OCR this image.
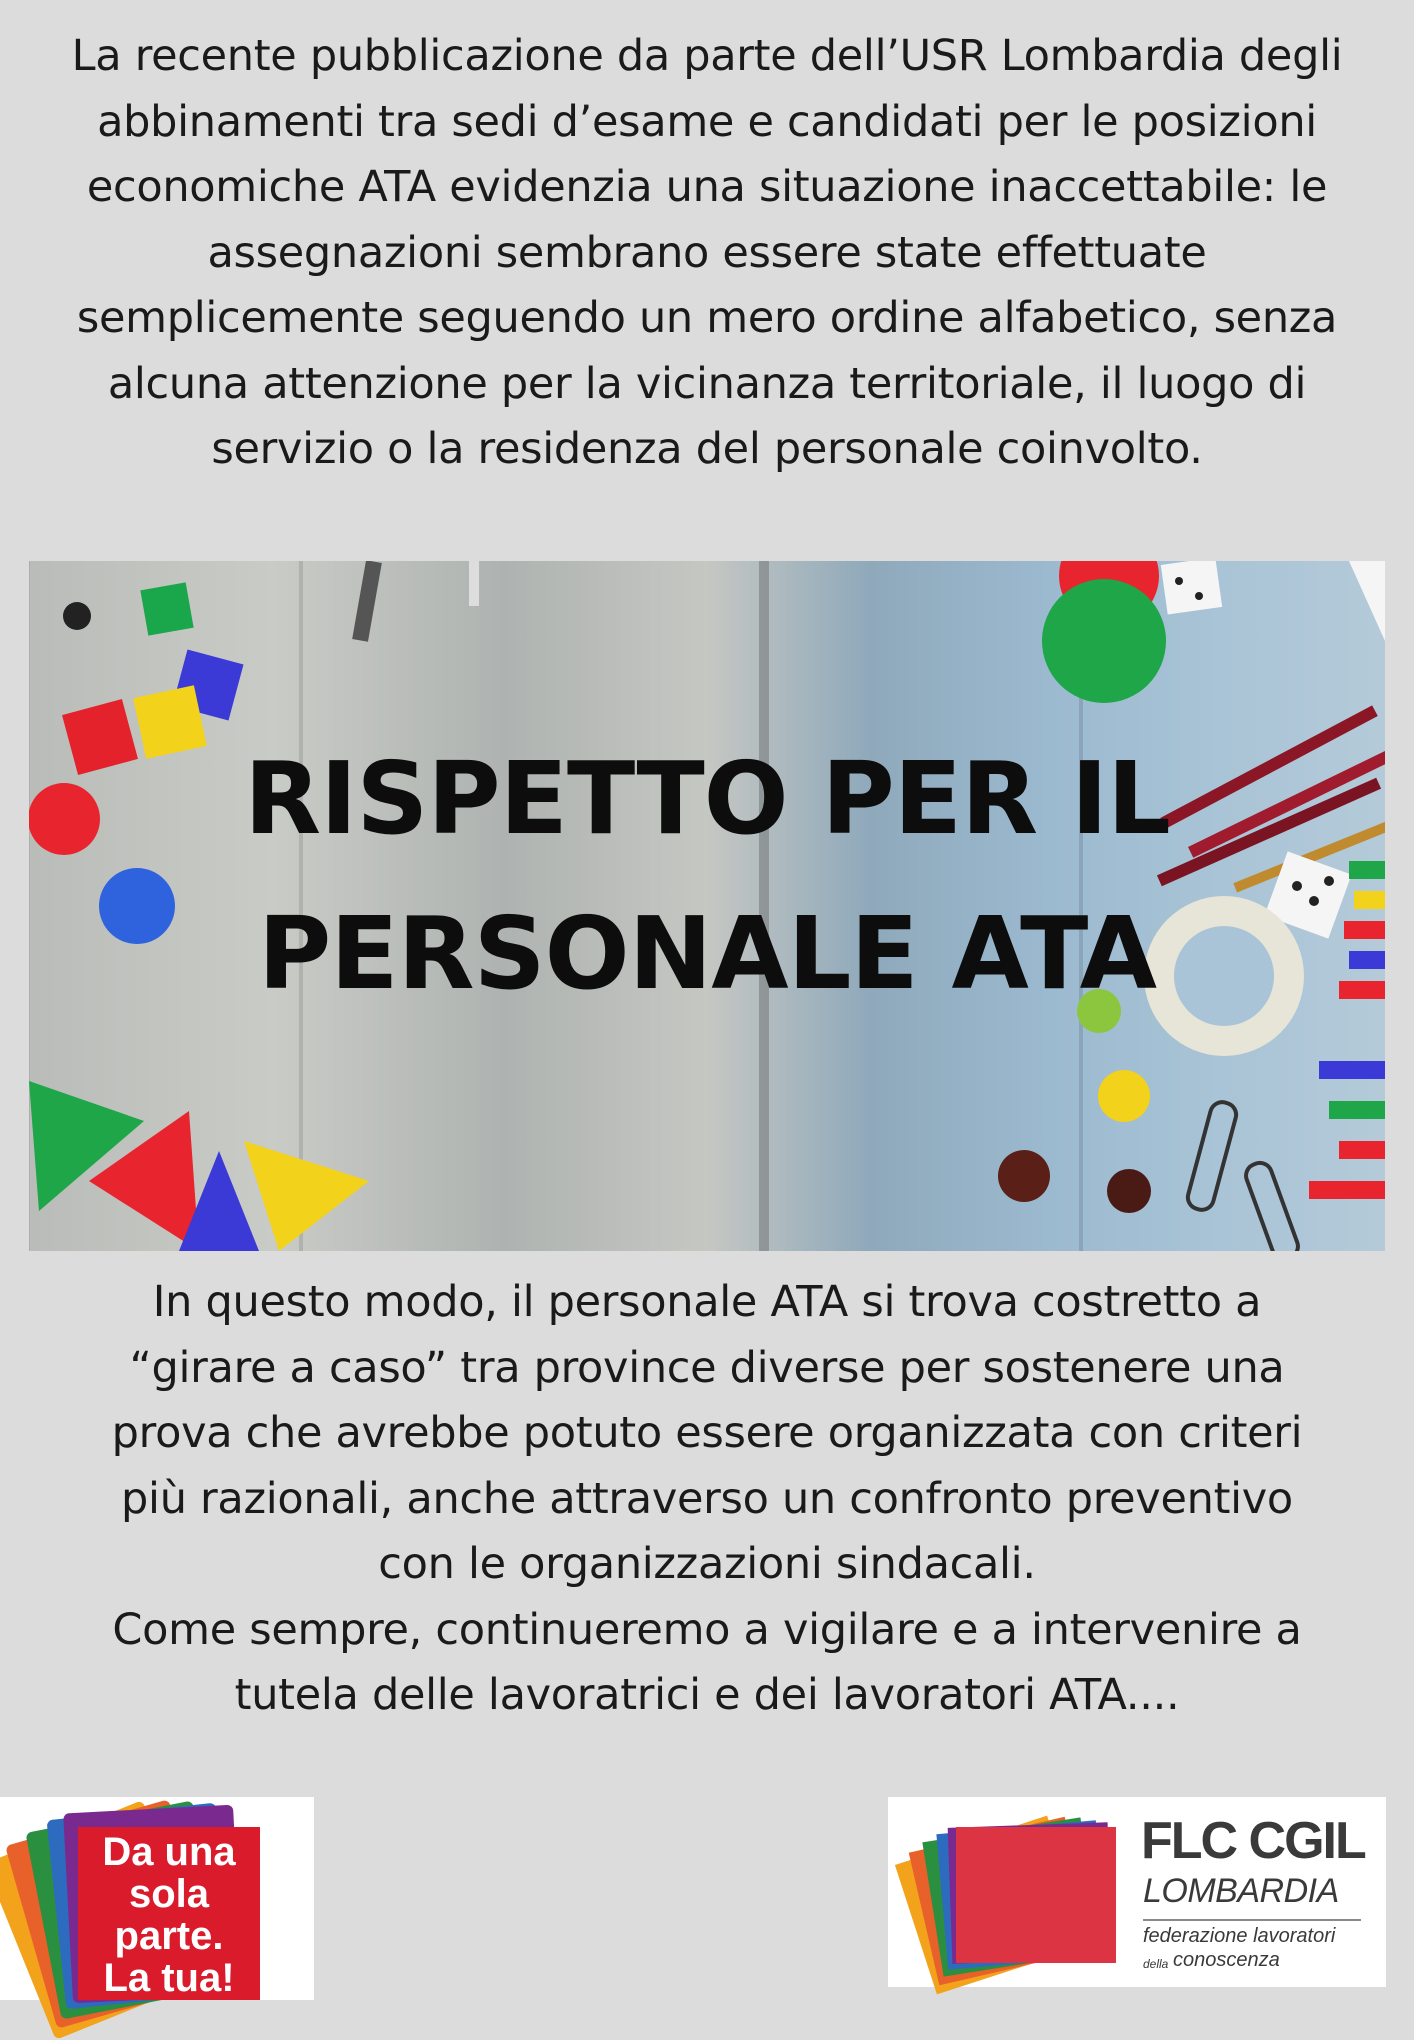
La recente pubblicazione da parte dell’USR Lombardia degli
abbinamenti tra sedi d’esame e candidati per le posizioni
economiche ATA evidenzia una situazione inaccettabile: le
assegnazioni sembrano essere state effettuate
semplicemente seguendo un mero ordine alfabetico, senza
alcuna attenzione per la vicinanza territoriale, il luogo di
servizio o la residenza del personale coinvolto.

RISPETTO PER IL
PERSONALE ATA

In questo modo, il personale ATA si trova costretto a
“girare a caso” tra province diverse per sostenere una
prova che avrebbe potuto essere organizzata con criteri
più razionali, anche attraverso un confronto preventivo
con le organizzazioni sindacali.
Come sempre, continueremo a vigilare e a intervenire a
tutela delle lavoratrici e dei lavoratori ATA....

Da una
sola
parte.
La tua!
FLC CGIL
LOMBARDIA
federazione lavoratori
della conoscenza
